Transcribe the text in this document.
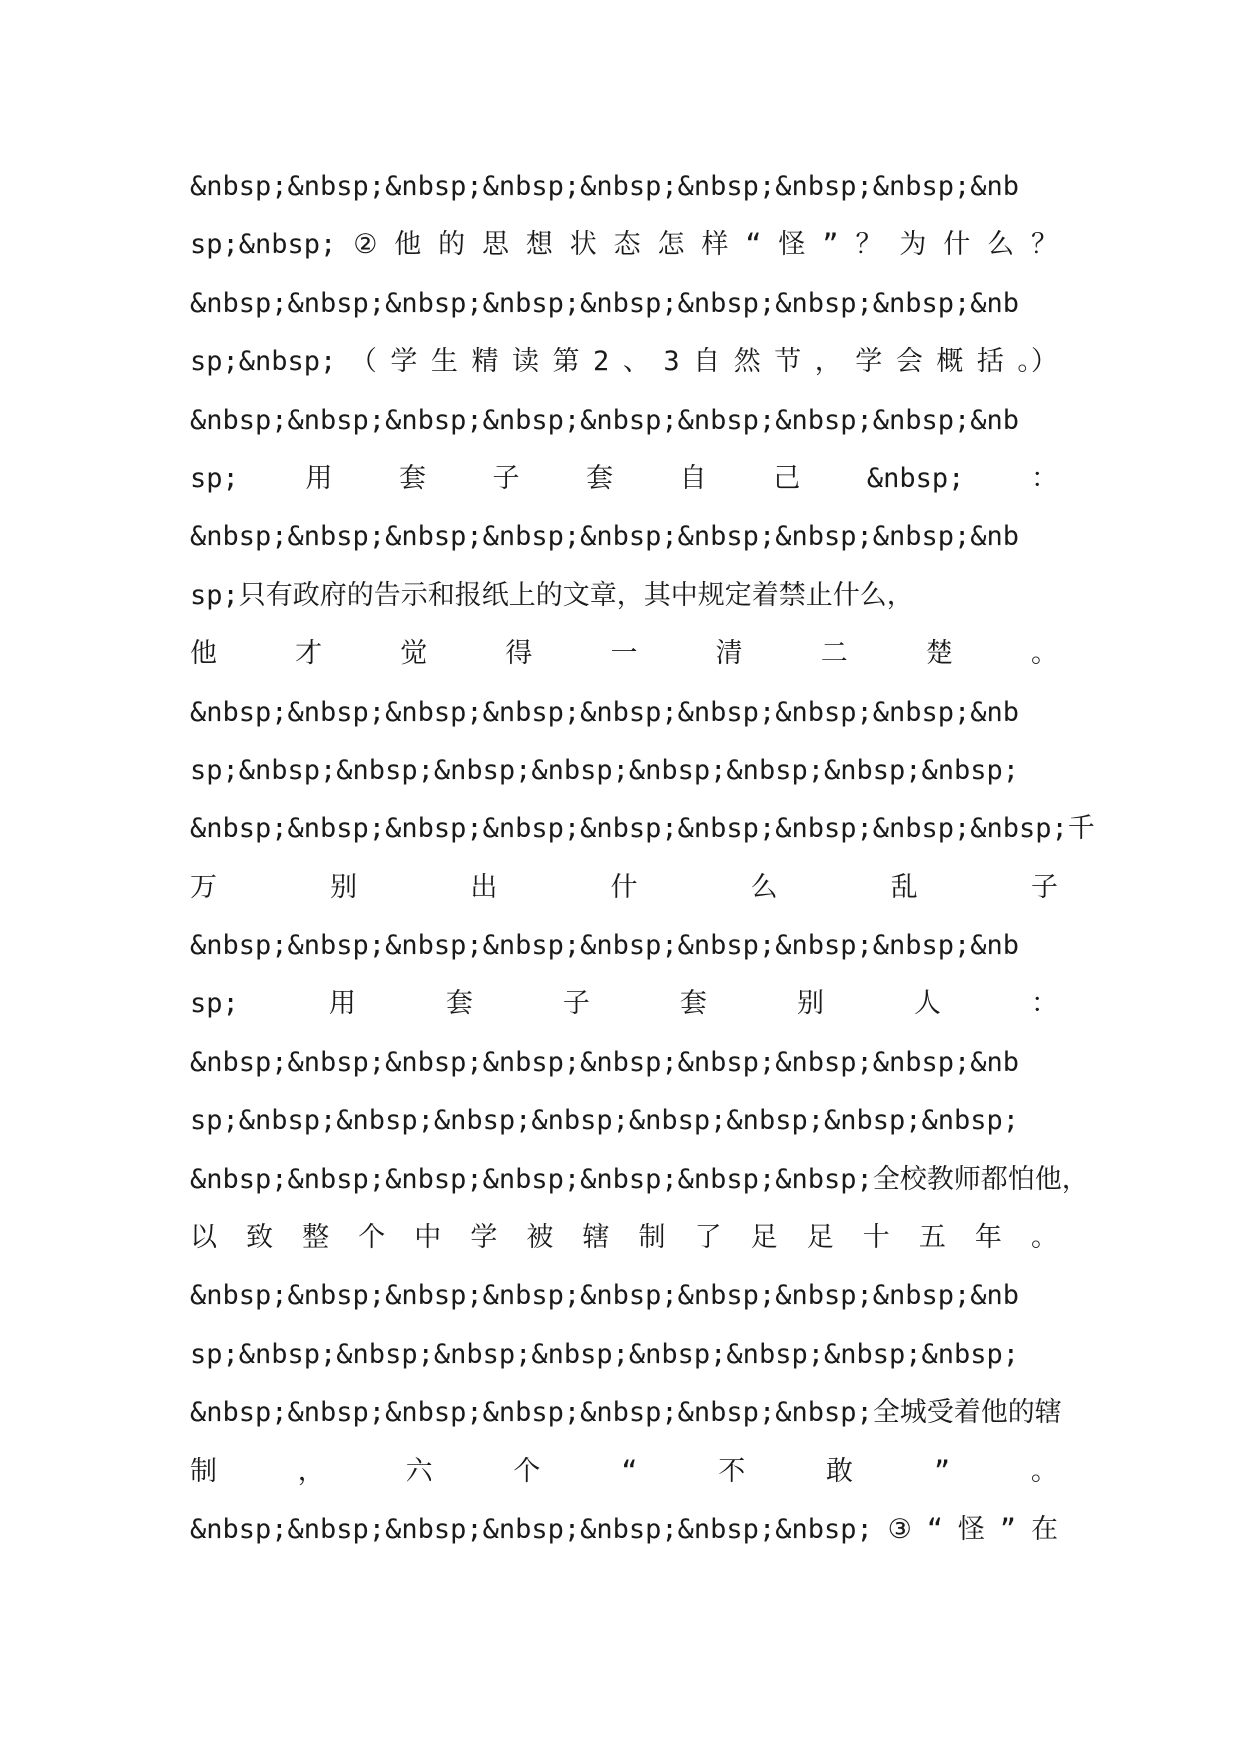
&nbsp;&nbsp;&nbsp;&nbsp;&nbsp;&nbsp;&nbsp;&nbsp;&nb
sp;&nbsp; ② 他 的 思 想 状 态 怎 样 “ 怪 ” ？ 为 什 么 ？
&nbsp;&nbsp;&nbsp;&nbsp;&nbsp;&nbsp;&nbsp;&nbsp;&nb
sp;&nbsp; （ 学 生 精 读 第 2 、 3 自 然 节 ， 学 会 概 括 。）
&nbsp;&nbsp;&nbsp;&nbsp;&nbsp;&nbsp;&nbsp;&nbsp;&nb
sp; 用 套 子 套 自 己 &nbsp; ：
&nbsp;&nbsp;&nbsp;&nbsp;&nbsp;&nbsp;&nbsp;&nbsp;&nb
sp;只有政府的告示和报纸上的文章，其中规定着禁止什么，
他	才	觉	得	一	清	二	楚	。
&nbsp;&nbsp;&nbsp;&nbsp;&nbsp;&nbsp;&nbsp;&nbsp;&nb
sp;&nbsp;&nbsp;&nbsp;&nbsp;&nbsp;&nbsp;&nbsp;&nbsp;
&nbsp;&nbsp;&nbsp;&nbsp;&nbsp;&nbsp;&nbsp;&nbsp;&nbsp; 千
万	别	出	什	么	乱	子
&nbsp;&nbsp;&nbsp;&nbsp;&nbsp;&nbsp;&nbsp;&nbsp;&nb
sp;	用	套	子	套	别	人	：
&nbsp;&nbsp;&nbsp;&nbsp;&nbsp;&nbsp;&nbsp;&nbsp;&nb
sp;&nbsp;&nbsp;&nbsp;&nbsp;&nbsp;&nbsp;&nbsp;&nbsp;
&nbsp;&nbsp;&nbsp;&nbsp;&nbsp;&nbsp;&nbsp; 全 校 教 师 都 怕 他 ，
以 致 整 个 中 学 被 辖 制 了 足 足 十 五 年 。
&nbsp;&nbsp;&nbsp;&nbsp;&nbsp;&nbsp;&nbsp;&nbsp;&nb
sp;&nbsp;&nbsp;&nbsp;&nbsp;&nbsp;&nbsp;&nbsp;&nbsp;
&nbsp;&nbsp;&nbsp;&nbsp;&nbsp;&nbsp;&nbsp; 全 城 受 着 他 的 辖
制	，	六	个	“	不	敢	”	。
&nbsp;&nbsp;&nbsp;&nbsp;&nbsp;&nbsp;&nbsp; ③ “ 怪 ” 在
